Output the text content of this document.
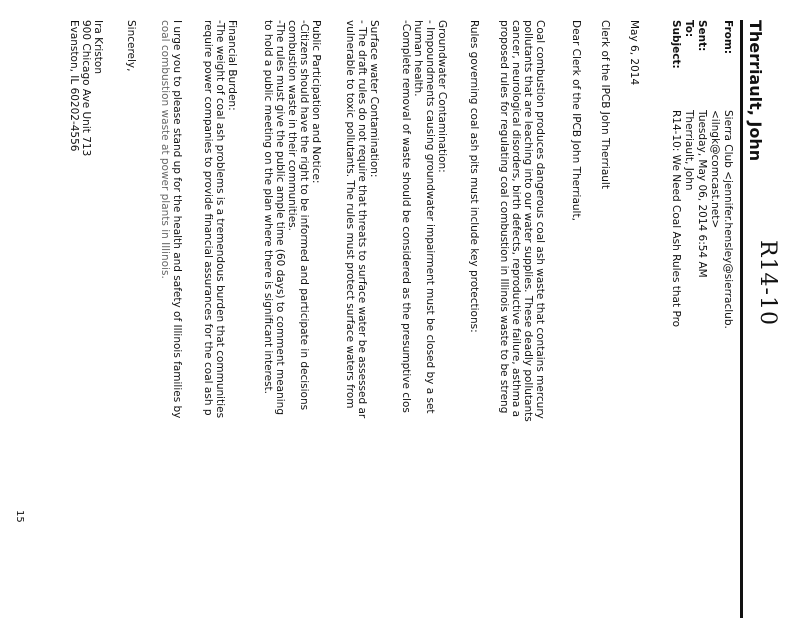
R14-10
Therriault, John
From:
Sierra Club <jennifer.hensley@sierraclub.
<ilngk@comcast.net>
Sent:
Tuesday, May 06, 2014 6:54 AM
To:
Therriault, John
Subject:
R14-10: We Need Coal Ash Rules that Pro
May 6, 2014
Clerk of the IPCB John Therriault
Dear Clerk of the IPCB John Therriault,
Coal combustion produces dangerous coal ash waste that contains mercury
pollutants that are leaching into our water supplies. These deadly pollutants
cancer, neurological disorders, birth defects, reproductive failure, asthma a
proposed rules for regulating coal combustion in Illinois waste to be streng
Rules governing coal ash pits must include key protections:
Groundwater Contamination:
- Impoundments causing groundwater impairment must be closed by a set
human health.
-Complete removal of waste should be considered as the presumptive clos
Surface water Contamination:
- The draft rules do not require that threats to surface water be assessed ar
vulnerable to toxic pollutants. The rules must protect surface waters from
Public Participation and Notice:
-Citizens should have the right to be informed and participate in decisions
combustion waste in their communities.
-The rules must give the public ample time (60 days) to comment meaning
to hold a public meeting on the plan where there is significant interest.
Financial Burden:
-The weight of coal ash problems is a tremendous burden that communities
require power companies to provide financial assurances for the coal ash p
I urge you to please stand up for the health and safety of Illinois families by
coal combustion waste at power plants in Illinois.
Sincerely,
Ira Kriston
900 Chicago Ave Unit 713
Evanston, IL 60202-4556
15
